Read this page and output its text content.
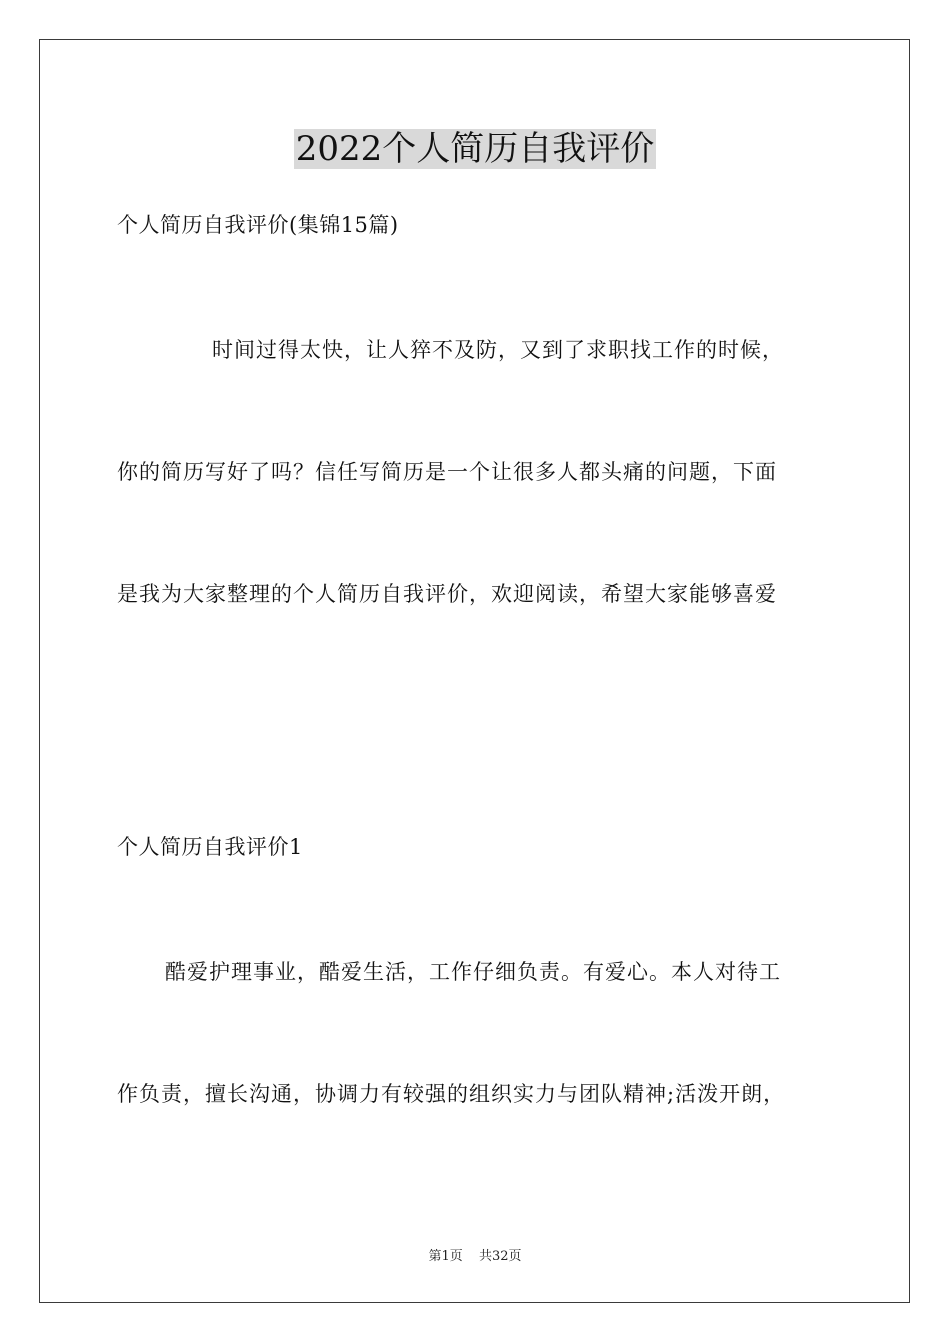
2022个人简历自我评价

个人简历自我评价(集锦15篇)

时间过得太快，让人猝不及防，又到了求职找工作的时候，

你的简历写好了吗？信任写简历是一个让很多人都头痛的问题，下面

是我为大家整理的个人简历自我评价，欢迎阅读，希望大家能够喜爱

个人简历自我评价1

酷爱护理事业，酷爱生活，工作仔细负责。有爱心。本人对待工

作负责，擅长沟通，协调力有较强的组织实力与团队精神;活泼开朗，

第1页 共32页
